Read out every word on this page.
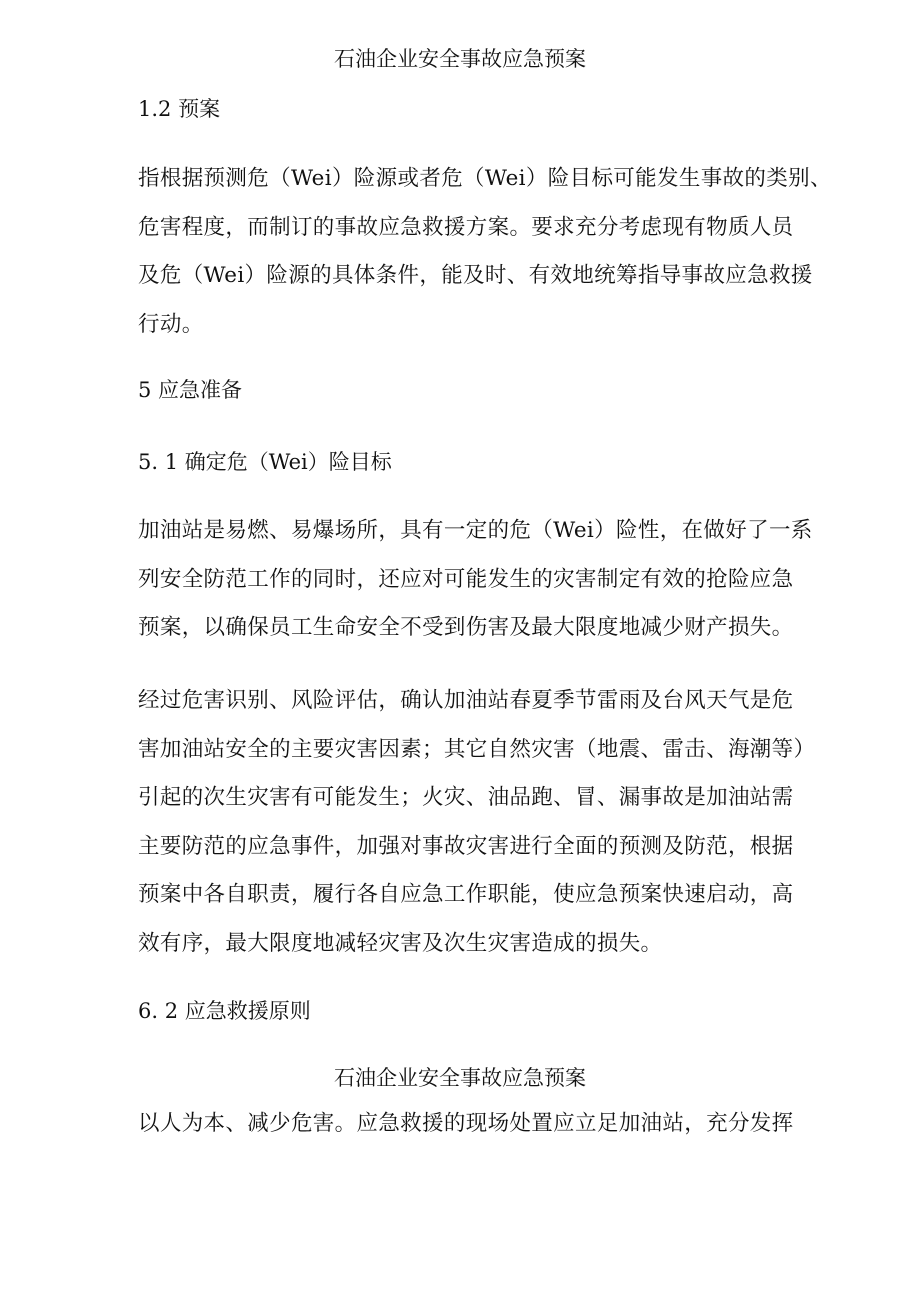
石油企业安全事故应急预案
1.2 预案
指根据预测危（Wei）险源或者危（Wei）险目标可能发生事故的类别、
危害程度，而制订的事故应急救援方案。要求充分考虑现有物质人员
及危（Wei）险源的具体条件，能及时、有效地统筹指导事故应急救援
行动。
5 应急准备
5. 1 确定危（Wei）险目标
加油站是易燃、易爆场所，具有一定的危（Wei）险性，在做好了一系
列安全防范工作的同时，还应对可能发生的灾害制定有效的抢险应急
预案，以确保员工生命安全不受到伤害及最大限度地减少财产损失。
经过危害识别、风险评估，确认加油站春夏季节雷雨及台风天气是危
害加油站安全的主要灾害因素；其它自然灾害（地震、雷击、海潮等）
引起的次生灾害有可能发生；火灾、油品跑、冒、漏事故是加油站需
主要防范的应急事件，加强对事故灾害进行全面的预测及防范，根据
预案中各自职责，履行各自应急工作职能，使应急预案快速启动，高
效有序，最大限度地减轻灾害及次生灾害造成的损失。
6. 2 应急救援原则
石油企业安全事故应急预案
以人为本、减少危害。应急救援的现场处置应立足加油站，充分发挥
